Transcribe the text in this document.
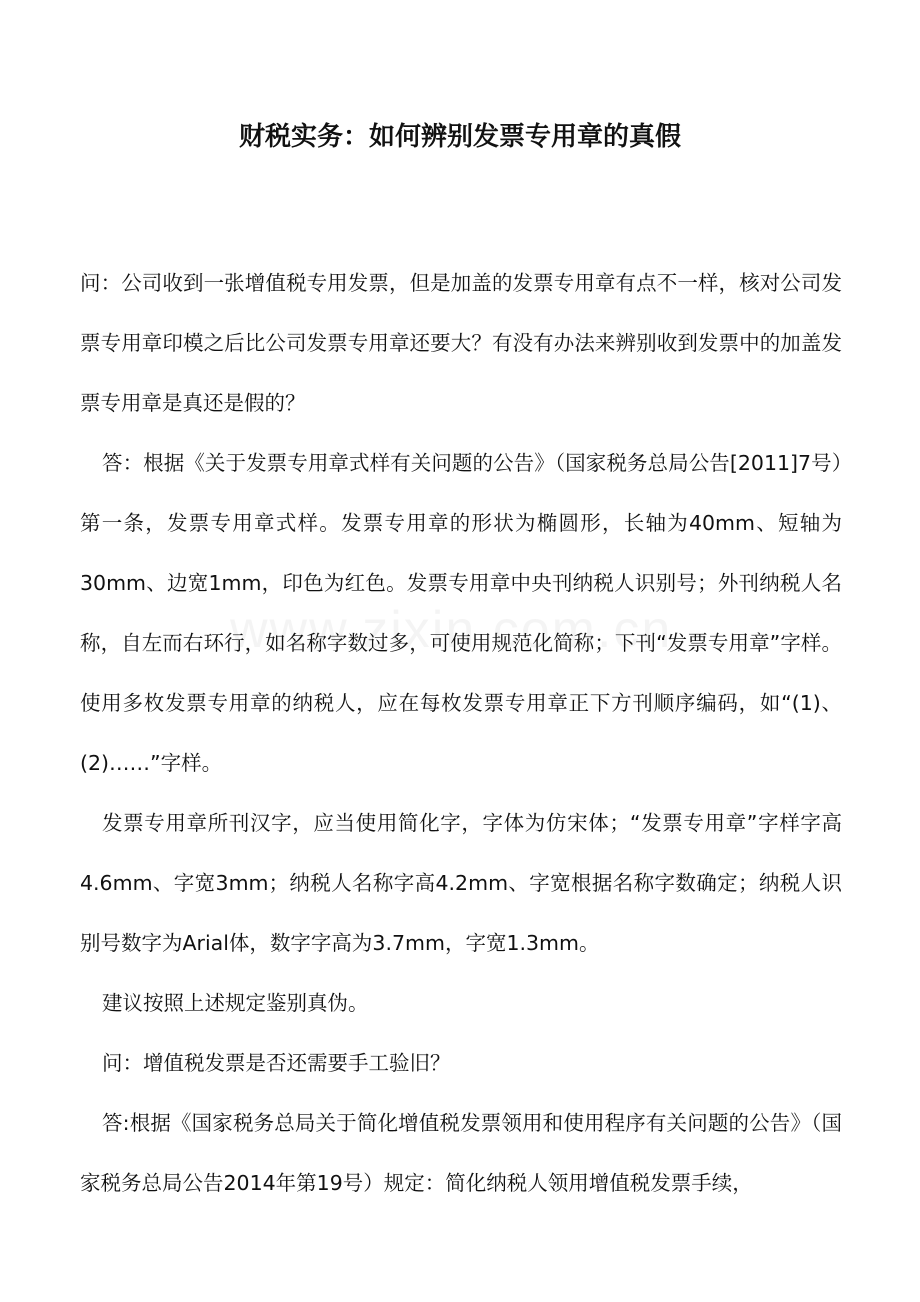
财税实务：如何辨别发票专用章的真假

问：公司收到一张增值税专用发票，但是加盖的发票专用章有点不一样，核对公司发票专用章印模之后比公司发票专用章还要大？有没有办法来辨别收到发票中的加盖发票专用章是真还是假的？

答：根据《关于发票专用章式样有关问题的公告》（国家税务总局公告[2011]7号）第一条，发票专用章式样。发票专用章的形状为椭圆形，长轴为40mm、短轴为30mm、边宽1mm，印色为红色。发票专用章中央刊纳税人识别号；外刊纳税人名称，自左而右环行，如名称字数过多，可使用规范化简称；下刊“发票专用章”字样。使用多枚发票专用章的纳税人，应在每枚发票专用章正下方刊顺序编码，如“(1)、(2)……”字样。

发票专用章所刊汉字，应当使用简化字，字体为仿宋体；“发票专用章”字样字高4.6mm、字宽3mm；纳税人名称字高4.2mm、字宽根据名称字数确定；纳税人识别号数字为Arial体，数字字高为3.7mm，字宽1.3mm。

建议按照上述规定鉴别真伪。

问：增值税发票是否还需要手工验旧？

答:根据《国家税务总局关于简化增值税发票领用和使用程序有关问题的公告》（国家税务总局公告2014年第19号）规定：简化纳税人领用增值税发票手续，
